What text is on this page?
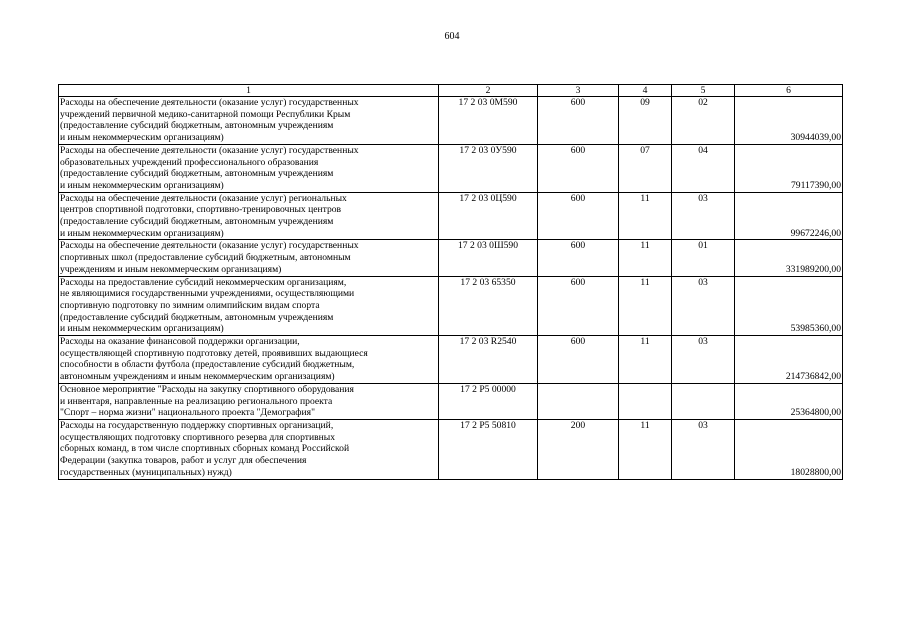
604
1	2	3	4	5	6
Расходы на обеспечение деятельности (оказание услуг) государственных
учреждений первичной медико-санитарной помощи Республики Крым
(предоставление субсидий бюджетным, автономным учреждениям
и иным некоммерческим организациям)	17 2 03 0М590	600	09	02	30944039,00
Расходы на обеспечение деятельности (оказание услуг) государственных
образовательных учреждений профессионального образования
(предоставление субсидий бюджетным, автономным учреждениям
и иным некоммерческим организациям)	17 2 03 0У590	600	07	04	79117390,00
Расходы на обеспечение деятельности (оказание услуг) региональных
центров спортивной подготовки, спортивно-тренировочных центров
(предоставление субсидий бюджетным, автономным учреждениям
и иным некоммерческим организациям)	17 2 03 0Ц590	600	11	03	99672246,00
Расходы на обеспечение деятельности (оказание услуг) государственных
спортивных школ (предоставление субсидий бюджетным, автономным
учреждениям и иным некоммерческим организациям)	17 2 03 0Ш590	600	11	01	331989200,00
Расходы на предоставление субсидий некоммерческим организациям,
не являющимися государственными учреждениями, осуществляющими
спортивную подготовку по зимним олимпийским видам спорта
(предоставление субсидий бюджетным, автономным учреждениям
и иным некоммерческим организациям)	17 2 03 65350	600	11	03	53985360,00
Расходы на оказание финансовой поддержки организации,
осуществляющей спортивную подготовку детей, проявивших выдающиеся
способности в области футбола (предоставление субсидий бюджетным,
автономным учреждениям и иным некоммерческим организациям)	17 2 03 R2540	600	11	03	214736842,00
Основное мероприятие "Расходы на закупку спортивного оборудования
и инвентаря, направленные на реализацию регионального проекта
"Спорт – норма жизни" национального проекта "Демография"	17 2 Р5 00000				25364800,00
Расходы на государственную поддержку спортивных организаций,
осуществляющих подготовку спортивного резерва для спортивных
сборных команд, в том числе спортивных сборных команд Российской
Федерации (закупка товаров, работ и услуг для обеспечения
государственных (муниципальных) нужд)	17 2 Р5 50810	200	11	03	18028800,00
